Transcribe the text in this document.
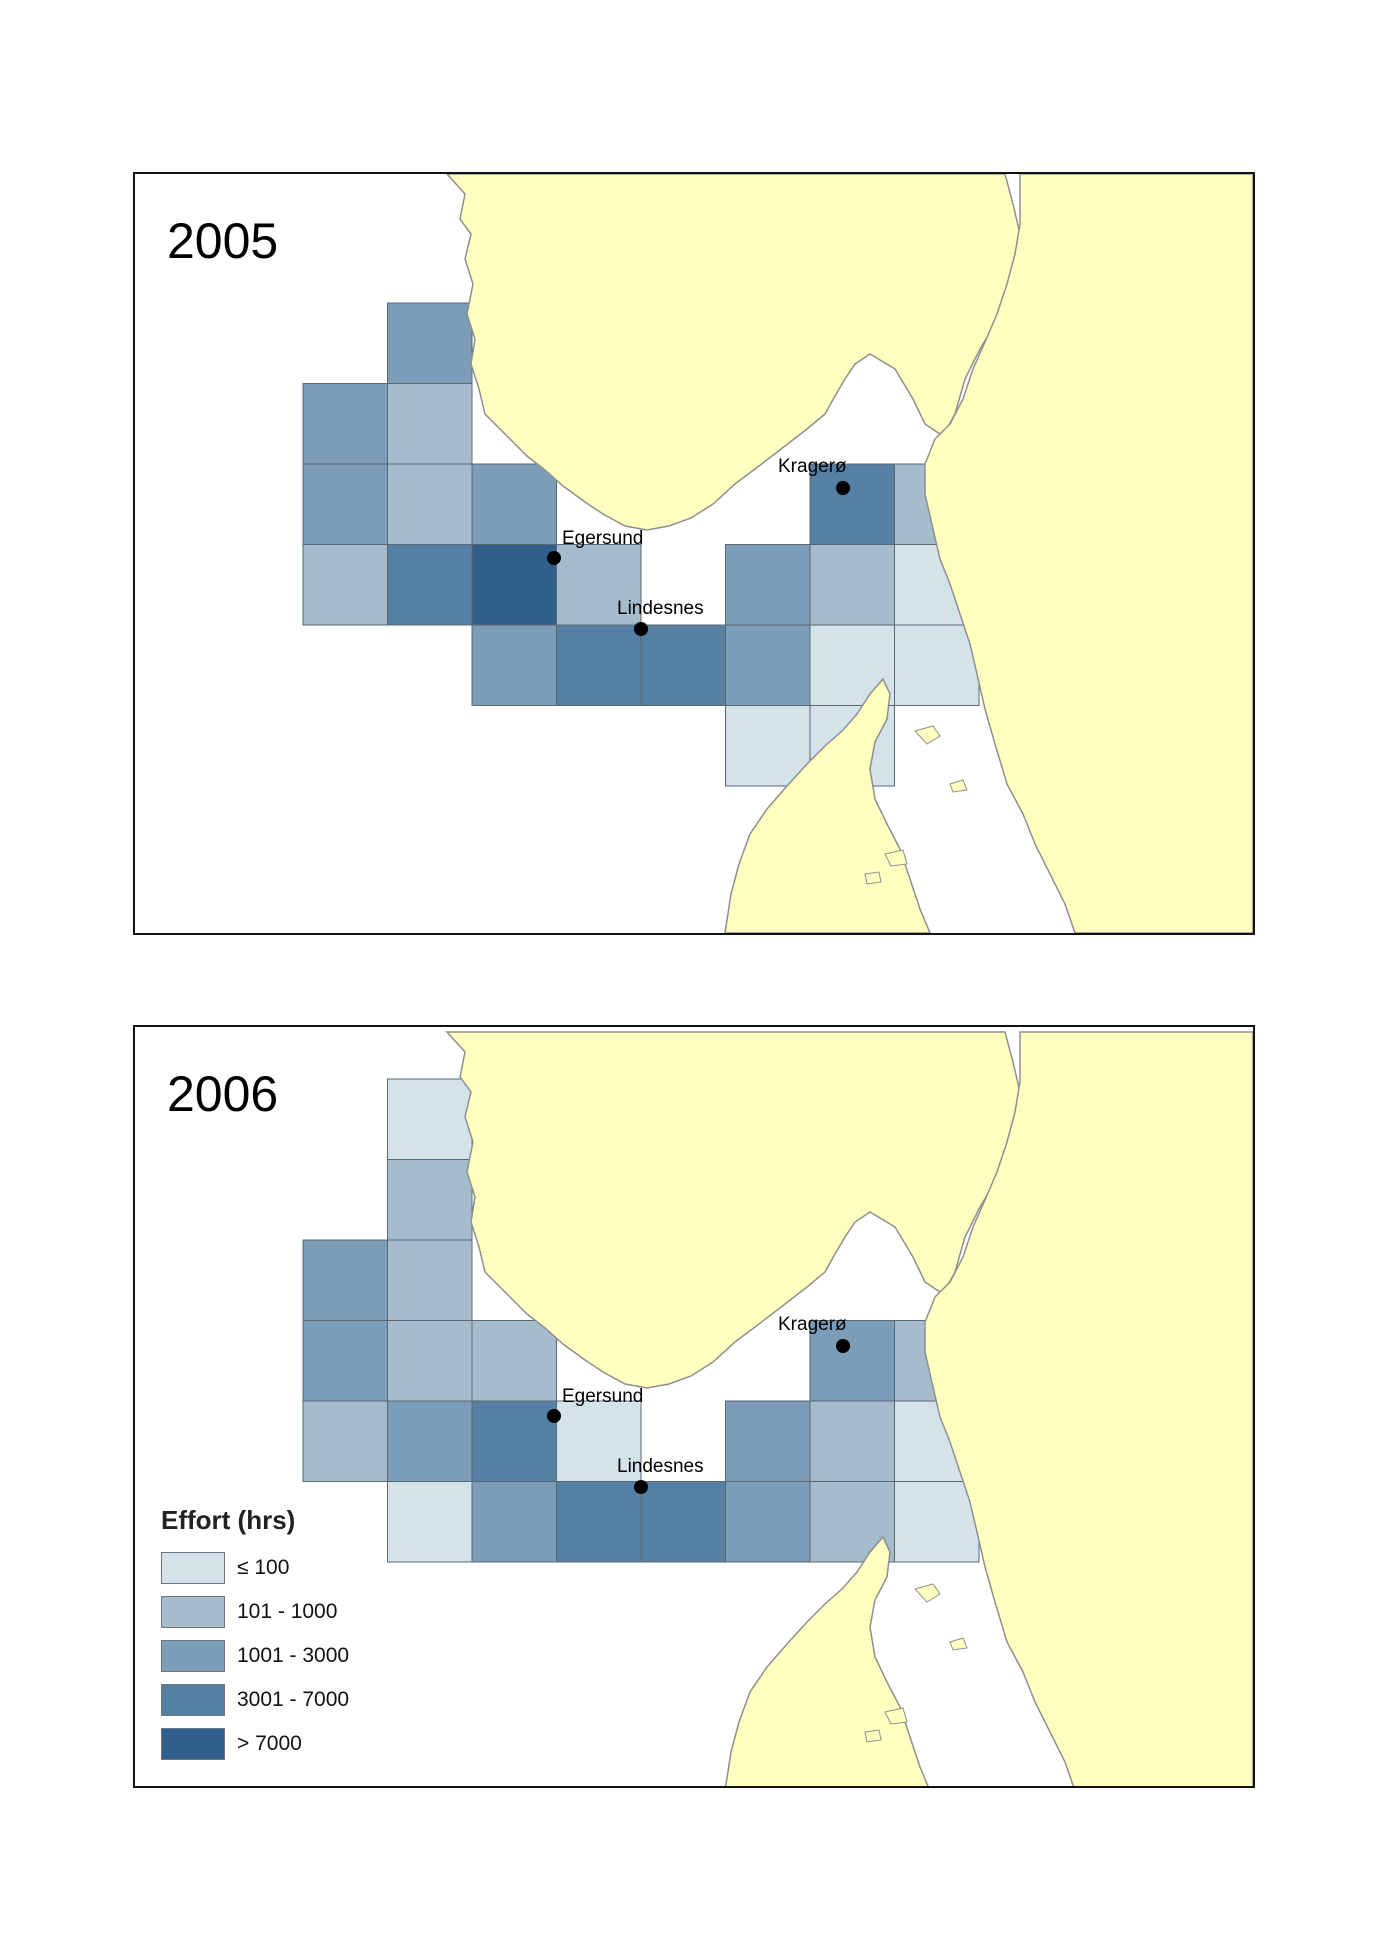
Kragerø
Egersund
Lindesnes
2005
Kragerø
Egersund
Lindesnes
2006
Effort (hrs)
≤ 100
101 - 1000
1001 - 3000
3001 - 7000
> 7000
